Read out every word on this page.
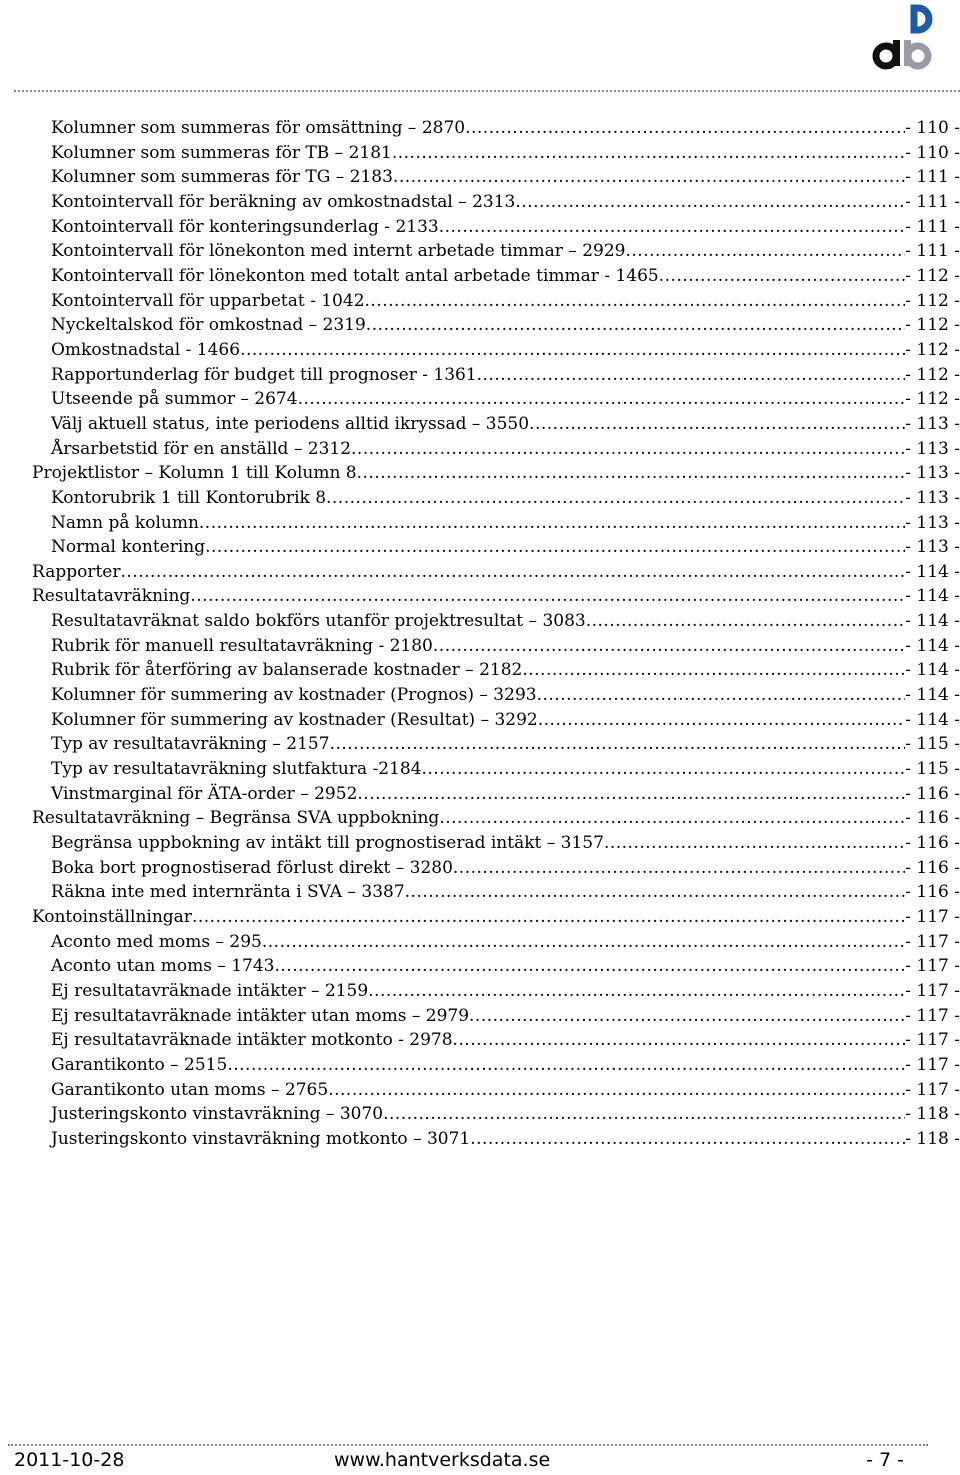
Kolumner som summeras för omsättning – 2870 .....	- 110 -
Kolumner som summeras för TB – 2181 .....	- 110 -
Kolumner som summeras för TG – 2183 .....	- 111 -
Kontointervall för beräkning av omkostnadstal – 2313 .....	- 111 -
Kontointervall för konteringsunderlag - 2133 .....	- 111 -
Kontointervall för lönekonton med internt arbetade timmar – 2929 .....	- 111 -
Kontointervall för lönekonton med totalt antal arbetade timmar - 1465 .....	- 112 -
Kontointervall för upparbetat - 1042 .....	- 112 -
Nyckeltalskod för omkostnad – 2319 .....	- 112 -
Omkostnadstal - 1466 .....	- 112 -
Rapportunderlag för budget till prognoser - 1361 .....	- 112 -
Utseende på summor – 2674 .....	- 112 -
Välj aktuell status, inte periodens alltid ikryssad – 3550 .....	- 113 -
Årsarbetstid för en anställd – 2312 .....	- 113 -
Projektlistor – Kolumn 1 till Kolumn 8 .....	- 113 -
Kontorubrik 1 till Kontorubrik 8 .....	- 113 -
Namn på kolumn .....	- 113 -
Normal kontering .....	- 113 -
Rapporter .....	- 114 -
Resultatavräkning .....	- 114 -
Resultatavräknat saldo bokförs utanför projektresultat – 3083 .....	- 114 -
Rubrik för manuell resultatavräkning - 2180 .....	- 114 -
Rubrik för återföring av balanserade kostnader – 2182 .....	- 114 -
Kolumner för summering av kostnader (Prognos) – 3293 .....	- 114 -
Kolumner för summering av kostnader (Resultat) – 3292 .....	- 114 -
Typ av resultatavräkning – 2157 .....	- 115 -
Typ av resultatavräkning slutfaktura -2184 .....	- 115 -
Vinstmarginal för ÄTA-order – 2952 .....	- 116 -
Resultatavräkning – Begränsa SVA uppbokning .....	- 116 -
Begränsa uppbokning av intäkt till prognostiserad intäkt – 3157 .....	- 116 -
Boka bort prognostiserad förlust direkt – 3280 .....	- 116 -
Räkna inte med internränta i SVA – 3387 .....	- 116 -
Kontoinställningar .....	- 117 -
Aconto med moms – 295 .....	- 117 -
Aconto utan moms – 1743 .....	- 117 -
Ej resultatavräknade intäkter – 2159 .....	- 117 -
Ej resultatavräknade intäkter utan moms – 2979 .....	- 117 -
Ej resultatavräknade intäkter motkonto - 2978 .....	- 117 -
Garantikonto – 2515 .....	- 117 -
Garantikonto utan moms – 2765 .....	- 117 -
Justeringskonto vinstavräkning – 3070 .....	- 118 -
Justeringskonto vinstavräkning motkonto – 3071 .....	- 118 -
2011-10-28	www.hantverksdata.se	- 7 -
